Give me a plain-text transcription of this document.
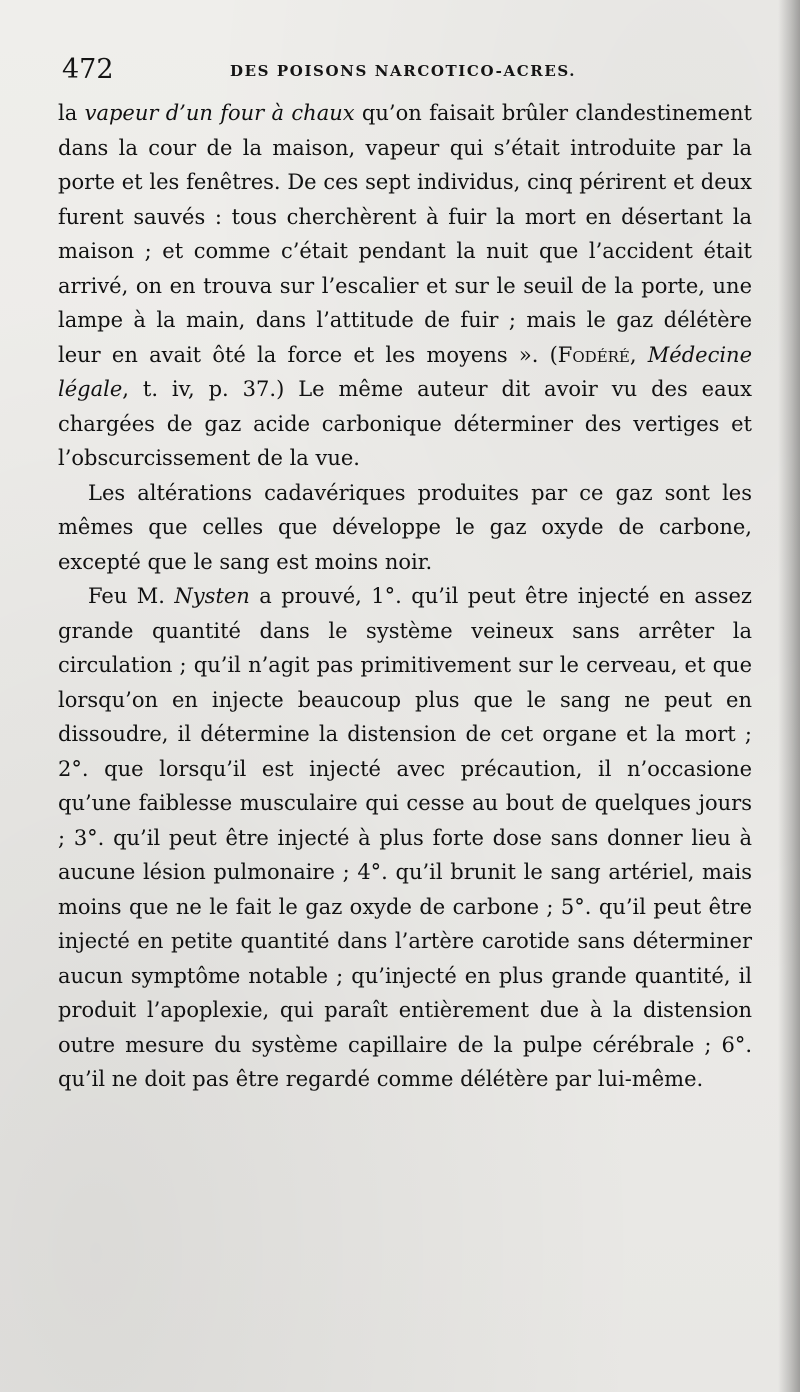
472	DES POISONS NARCOTICO-ACRES.

la vapeur d’un four à chaux qu’on faisait brûler clandestinement dans la cour de la maison, vapeur qui s’était introduite par la porte et les fenêtres. De ces sept individus, cinq périrent et deux furent sauvés : tous cherchèrent à fuir la mort en désertant la maison ; et comme c’était pendant la nuit que l’accident était arrivé, on en trouva sur l’escalier et sur le seuil de la porte, une lampe à la main, dans l’attitude de fuir ; mais le gaz délétère leur en avait ôté la force et les moyens ». (Fodéré, Médecine légale, t. iv, p. 37.) Le même auteur dit avoir vu des eaux chargées de gaz acide carbonique déterminer des vertiges et l’obscurcissement de la vue.

Les altérations cadavériques produites par ce gaz sont les mêmes que celles que développe le gaz oxyde de carbone, excepté que le sang est moins noir.

Feu M. Nysten a prouvé, 1°. qu’il peut être injecté en assez grande quantité dans le système veineux sans arrêter la circulation ; qu’il n’agit pas primitivement sur le cerveau, et que lorsqu’on en injecte beaucoup plus que le sang ne peut en dissoudre, il détermine la distension de cet organe et la mort ; 2°. que lorsqu’il est injecté avec précaution, il n’occasione qu’une faiblesse musculaire qui cesse au bout de quelques jours ; 3°. qu’il peut être injecté à plus forte dose sans donner lieu à aucune lésion pulmonaire ; 4°. qu’il brunit le sang artériel, mais moins que ne le fait le gaz oxyde de carbone ; 5°. qu’il peut être injecté en petite quantité dans l’artère carotide sans déterminer aucun symptôme notable ; qu’injecté en plus grande quantité, il produit l’apoplexie, qui paraît entièrement due à la distension outre mesure du système capillaire de la pulpe cérébrale ; 6°. qu’il ne doit pas être regardé comme délétère par lui-même.
